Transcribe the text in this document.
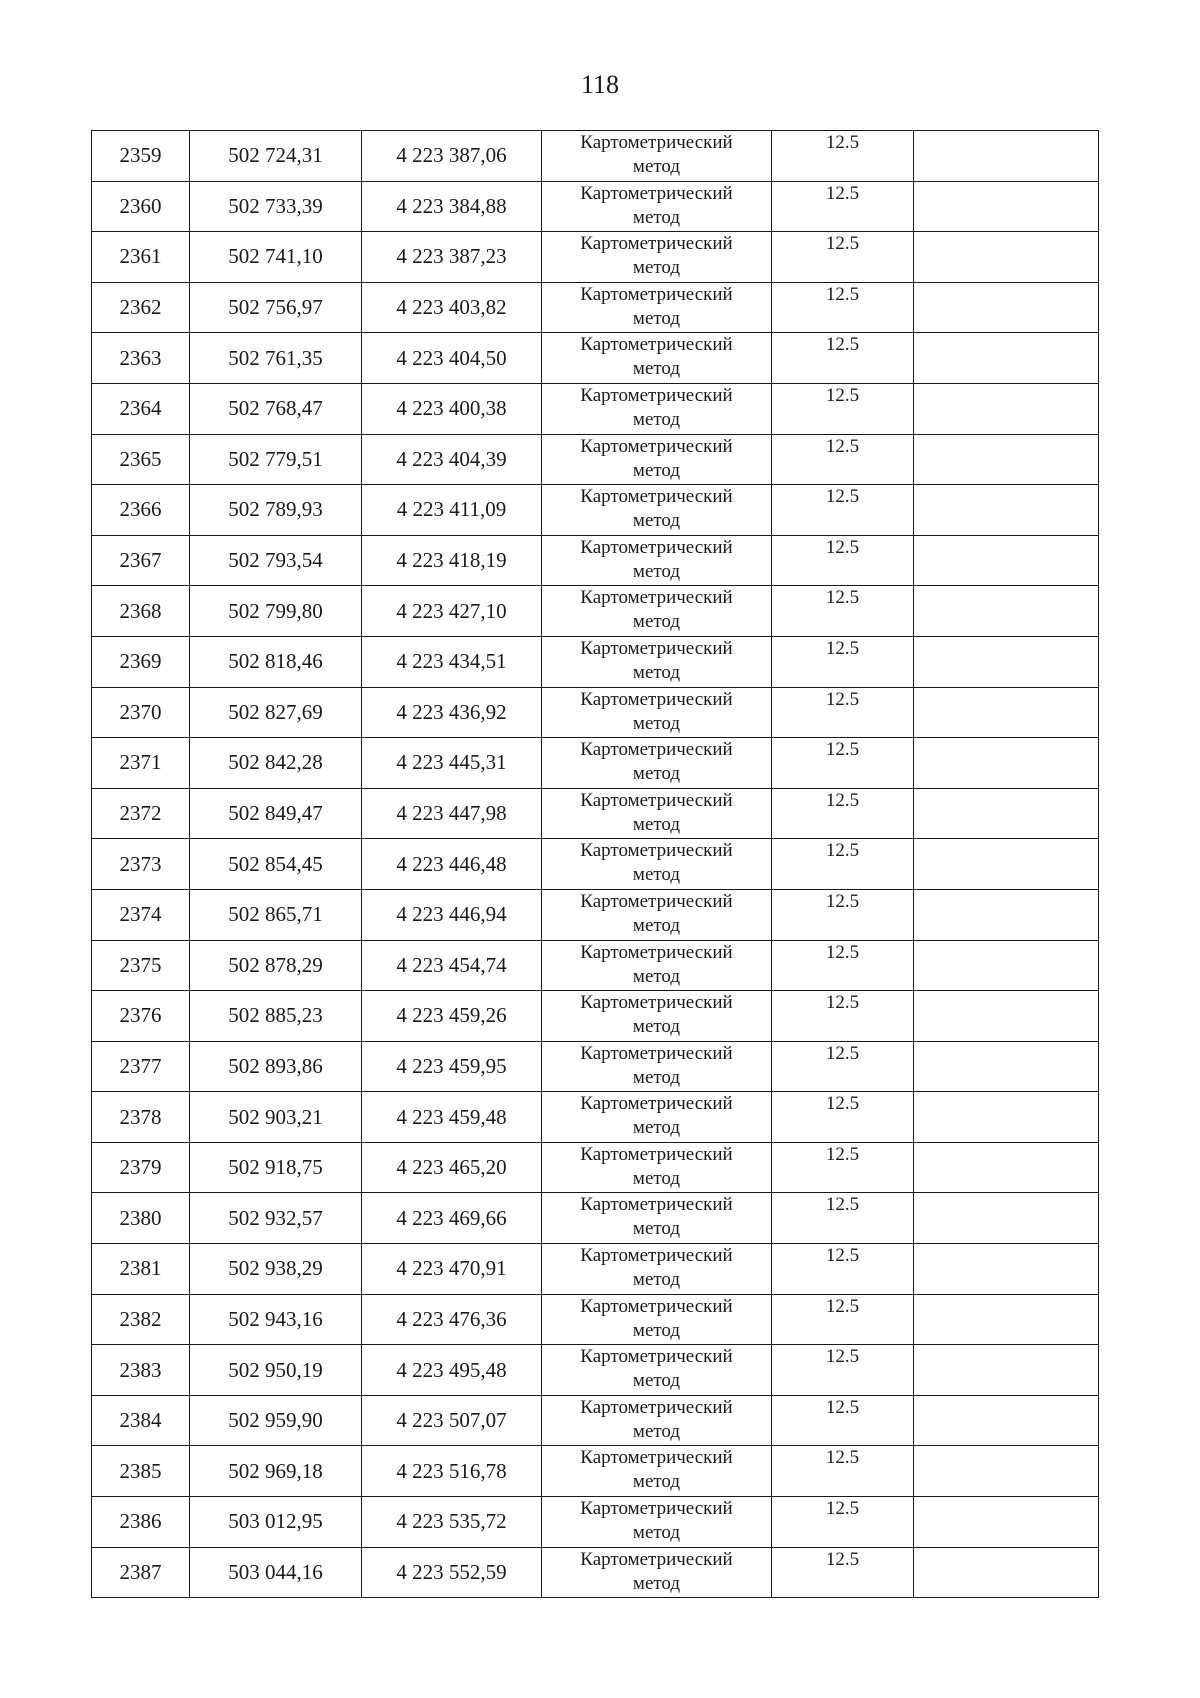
118
2359	502 724,31	4 223 387,06	Картометрический
метод	12.5	
2360	502 733,39	4 223 384,88	Картометрический
метод	12.5	
2361	502 741,10	4 223 387,23	Картометрический
метод	12.5	
2362	502 756,97	4 223 403,82	Картометрический
метод	12.5	
2363	502 761,35	4 223 404,50	Картометрический
метод	12.5	
2364	502 768,47	4 223 400,38	Картометрический
метод	12.5	
2365	502 779,51	4 223 404,39	Картометрический
метод	12.5	
2366	502 789,93	4 223 411,09	Картометрический
метод	12.5	
2367	502 793,54	4 223 418,19	Картометрический
метод	12.5	
2368	502 799,80	4 223 427,10	Картометрический
метод	12.5	
2369	502 818,46	4 223 434,51	Картометрический
метод	12.5	
2370	502 827,69	4 223 436,92	Картометрический
метод	12.5	
2371	502 842,28	4 223 445,31	Картометрический
метод	12.5	
2372	502 849,47	4 223 447,98	Картометрический
метод	12.5	
2373	502 854,45	4 223 446,48	Картометрический
метод	12.5	
2374	502 865,71	4 223 446,94	Картометрический
метод	12.5	
2375	502 878,29	4 223 454,74	Картометрический
метод	12.5	
2376	502 885,23	4 223 459,26	Картометрический
метод	12.5	
2377	502 893,86	4 223 459,95	Картометрический
метод	12.5	
2378	502 903,21	4 223 459,48	Картометрический
метод	12.5	
2379	502 918,75	4 223 465,20	Картометрический
метод	12.5	
2380	502 932,57	4 223 469,66	Картометрический
метод	12.5	
2381	502 938,29	4 223 470,91	Картометрический
метод	12.5	
2382	502 943,16	4 223 476,36	Картометрический
метод	12.5	
2383	502 950,19	4 223 495,48	Картометрический
метод	12.5	
2384	502 959,90	4 223 507,07	Картометрический
метод	12.5	
2385	502 969,18	4 223 516,78	Картометрический
метод	12.5	
2386	503 012,95	4 223 535,72	Картометрический
метод	12.5	
2387	503 044,16	4 223 552,59	Картометрический
метод	12.5	
